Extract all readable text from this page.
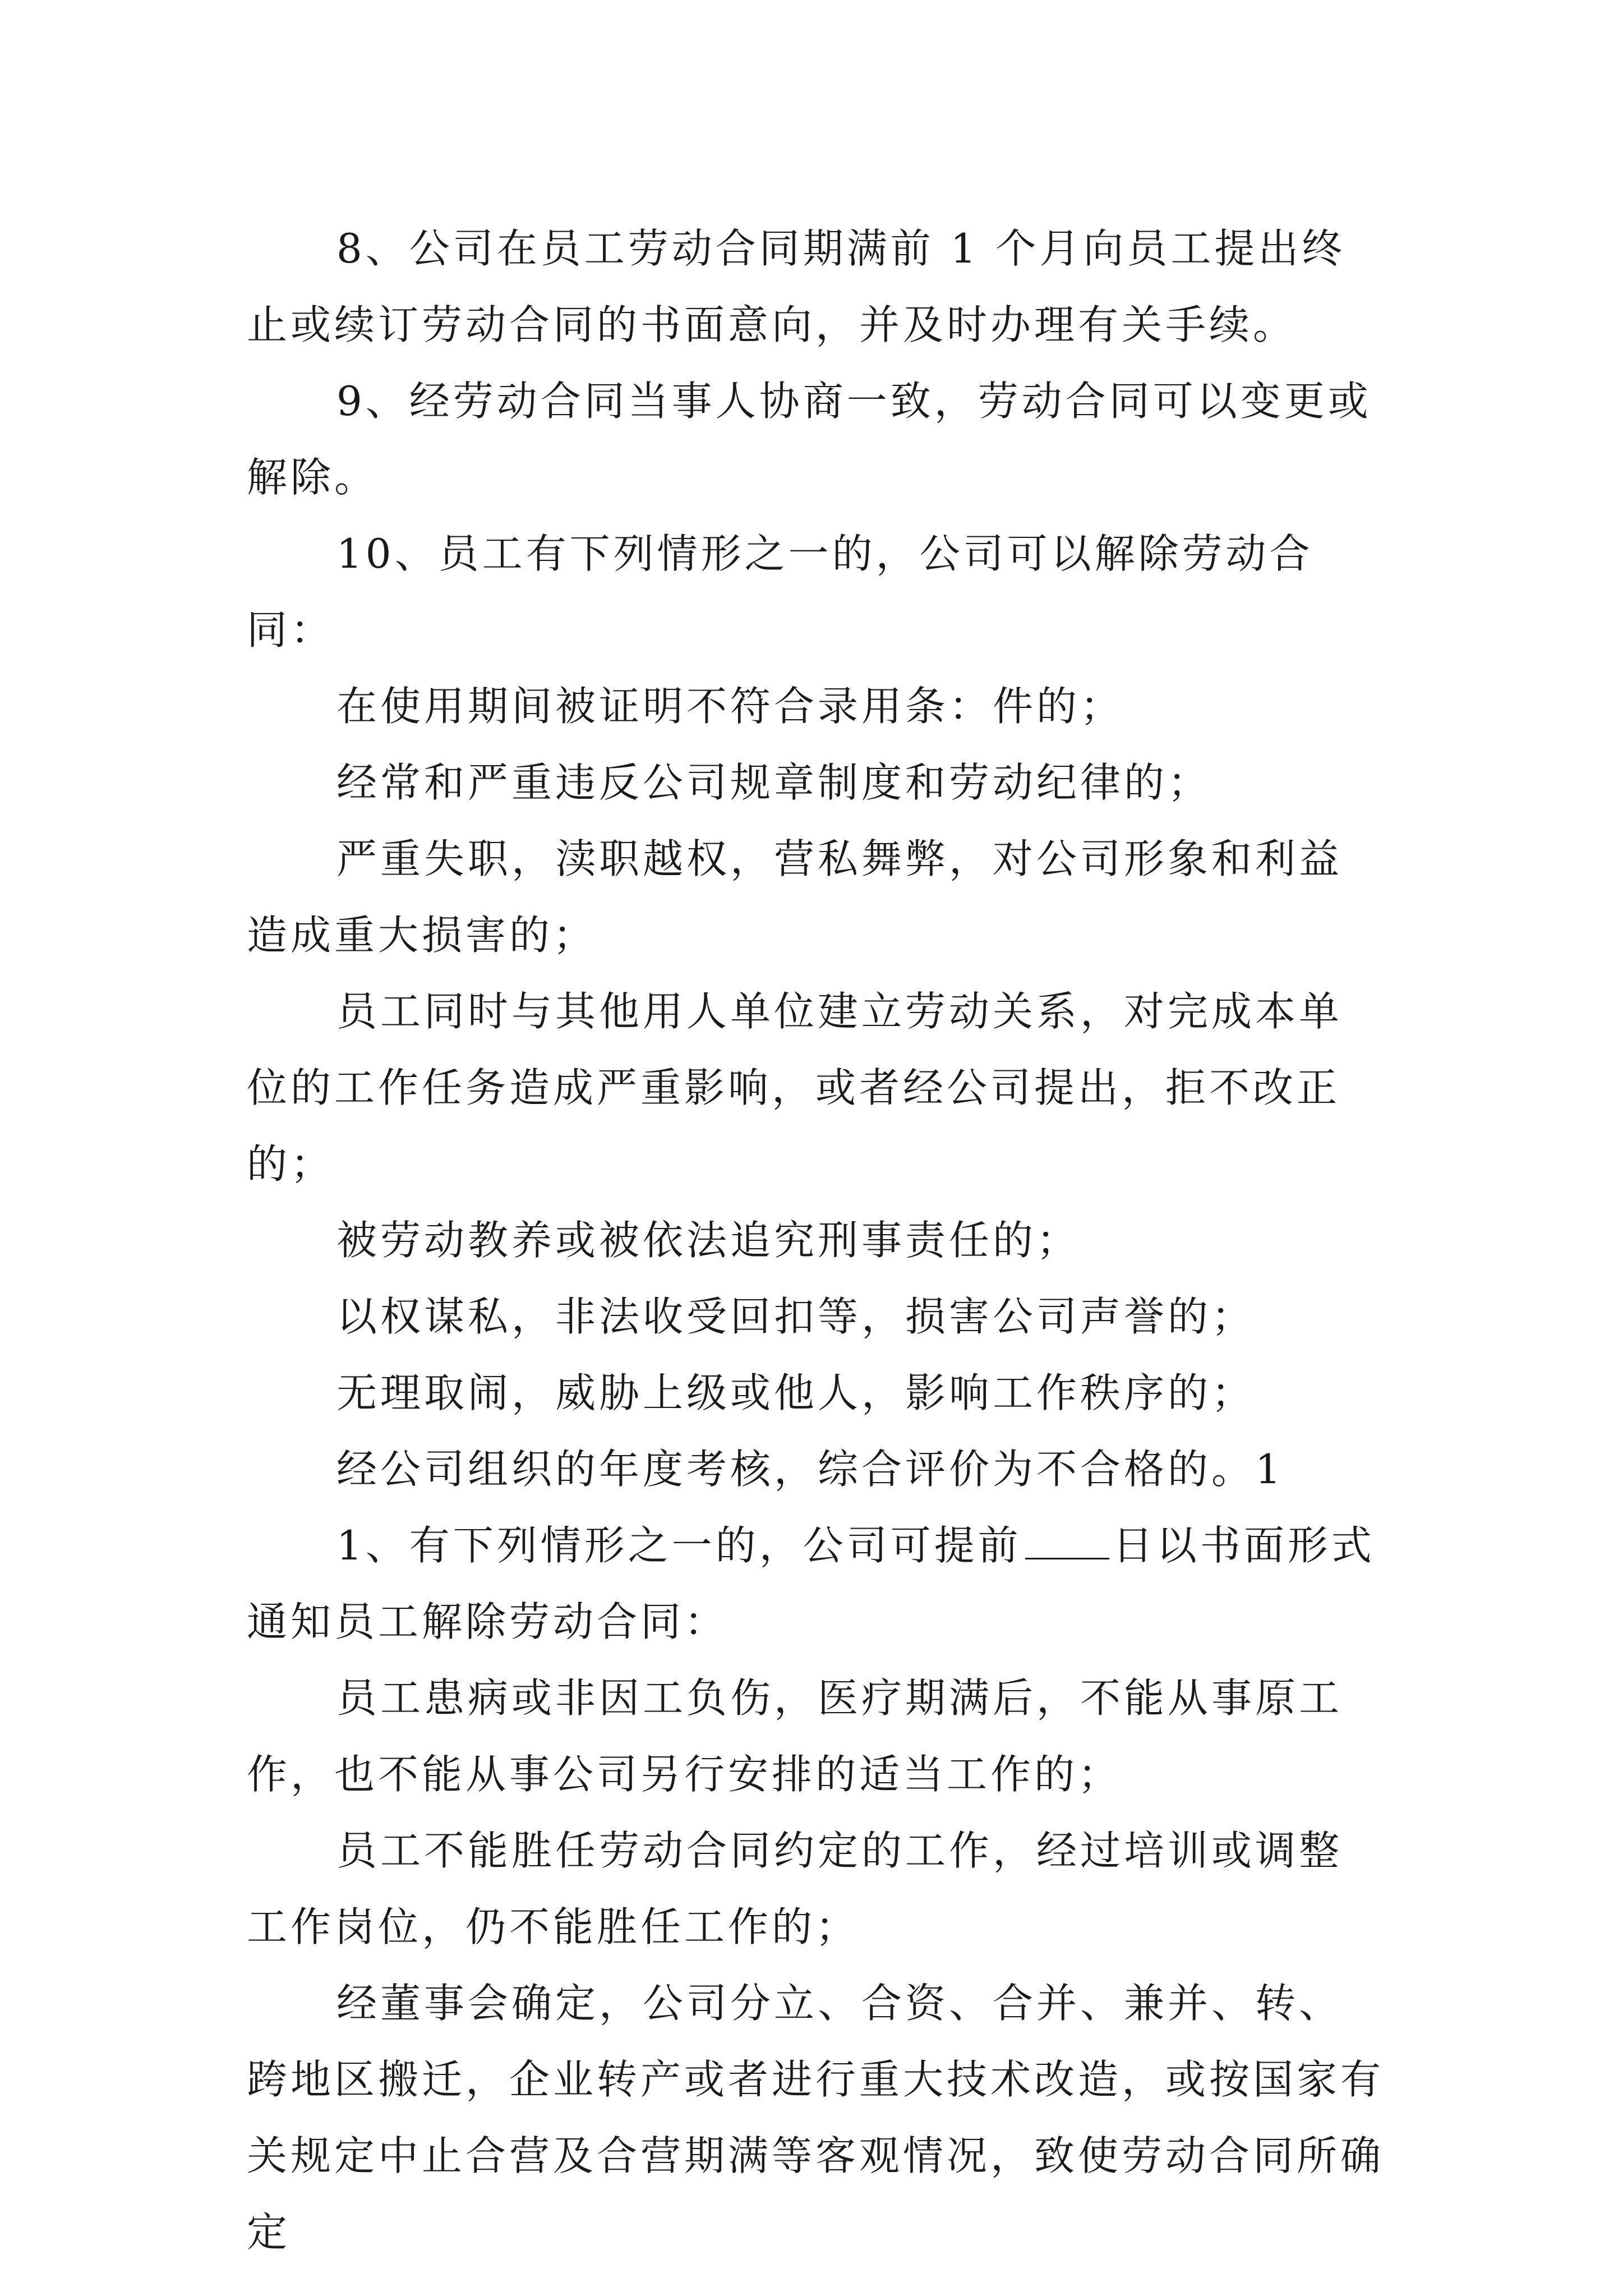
8、公司在员工劳动合同期满前 1 个月向员工提出终止或续订劳动合同的书面意向，并及时办理有关手续。

9、经劳动合同当事人协商一致，劳动合同可以变更或解除。

10、员工有下列情形之一的，公司可以解除劳动合同：

在使用期间被证明不符合录用条：件的；

经常和严重违反公司规章制度和劳动纪律的；

严重失职，渎职越权，营私舞弊，对公司形象和利益造成重大损害的；

员工同时与其他用人单位建立劳动关系，对完成本单位的工作任务造成严重影响，或者经公司提出，拒不改正的；

被劳动教养或被依法追究刑事责任的；

以权谋私，非法收受回扣等，损害公司声誉的；

无理取闹，威胁上级或他人，影响工作秩序的；

经公司组织的年度考核，综合评价为不合格的。1

1、有下列情形之一的，公司可提前 日以书面形式通知员工解除劳动合同：

员工患病或非因工负伤，医疗期满后，不能从事原工作，也不能从事公司另行安排的适当工作的；

员工不能胜任劳动合同约定的工作，经过培训或调整工作岗位，仍不能胜任工作的；

经董事会确定，公司分立、合资、合并、兼并、转、跨地区搬迁，企业转产或者进行重大技术改造，或按国家有关规定中止合营及合营期满等客观情况，致使劳动合同所确定
